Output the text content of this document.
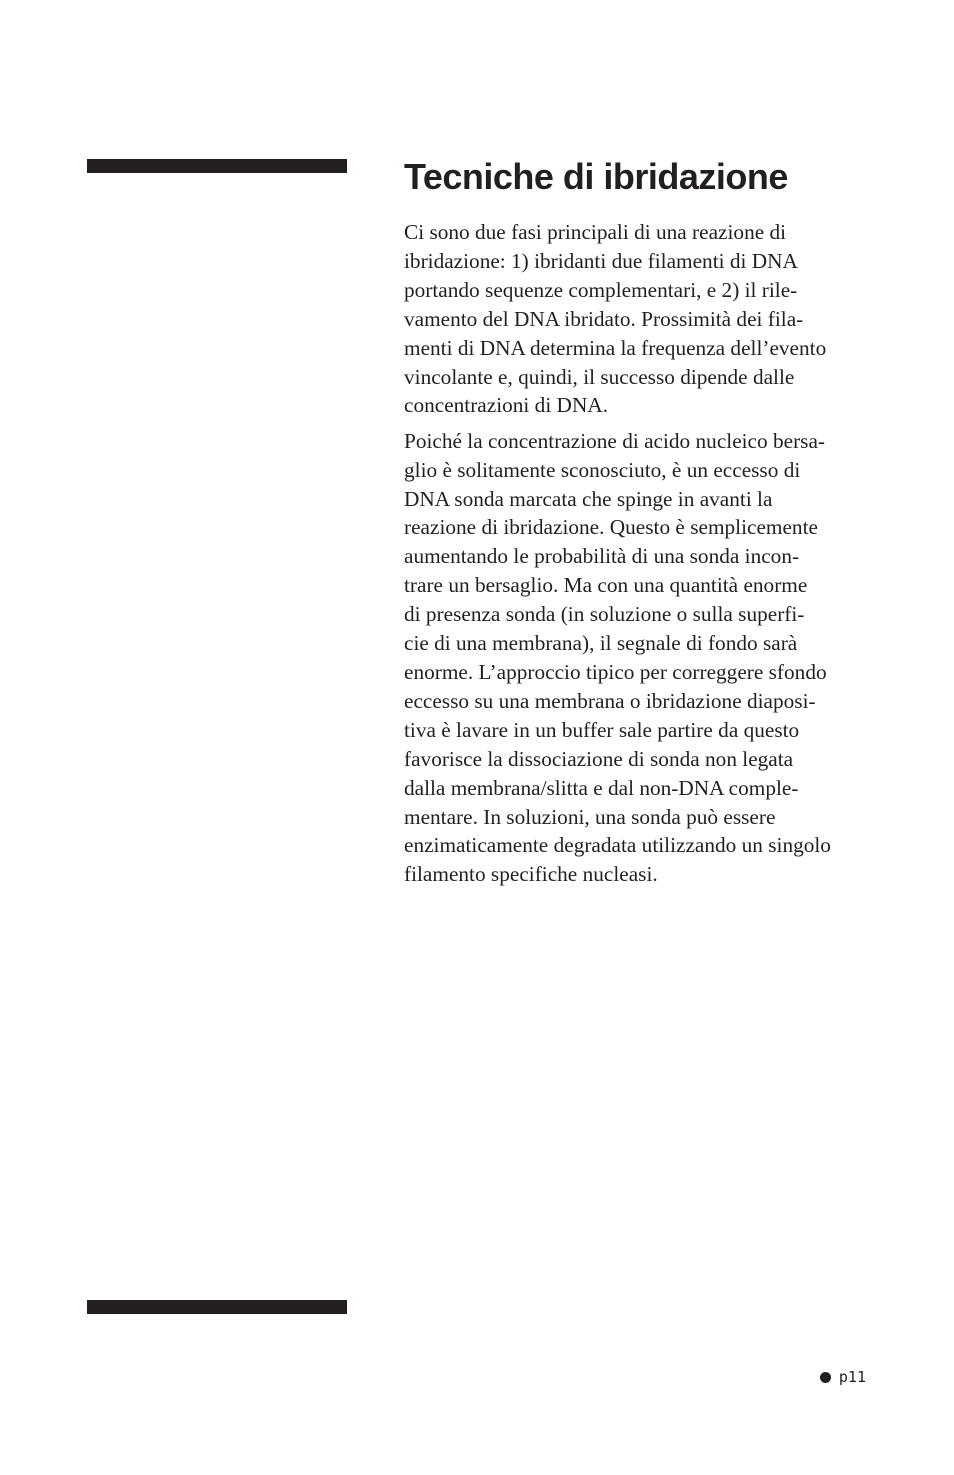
Tecniche di ibridazione

Ci sono due fasi principali di una reazione di
ibridazione: 1) ibridanti due filamenti di DNA
portando sequenze complementari, e 2) il rile-
vamento del DNA ibridato. Prossimità dei fila-
menti di DNA determina la frequenza dell’evento
vincolante e, quindi, il successo dipende dalle
concentrazioni di DNA.

Poiché la concentrazione di acido nucleico bersa-
glio è solitamente sconosciuto, è un eccesso di
DNA sonda marcata che spinge in avanti la
reazione di ibridazione. Questo è semplicemente
aumentando le probabilità di una sonda incon-
trare un bersaglio. Ma con una quantità enorme
di presenza sonda (in soluzione o sulla superfi-
cie di una membrana), il segnale di fondo sarà
enorme. L’approccio tipico per correggere sfondo
eccesso su una membrana o ibridazione diaposi-
tiva è lavare in un buffer sale partire da questo
favorisce la dissociazione di sonda non legata
dalla membrana/slitta e dal non-DNA comple-
mentare. In soluzioni, una sonda può essere
enzimaticamente degradata utilizzando un singolo
filamento specifiche nucleasi.

p11
